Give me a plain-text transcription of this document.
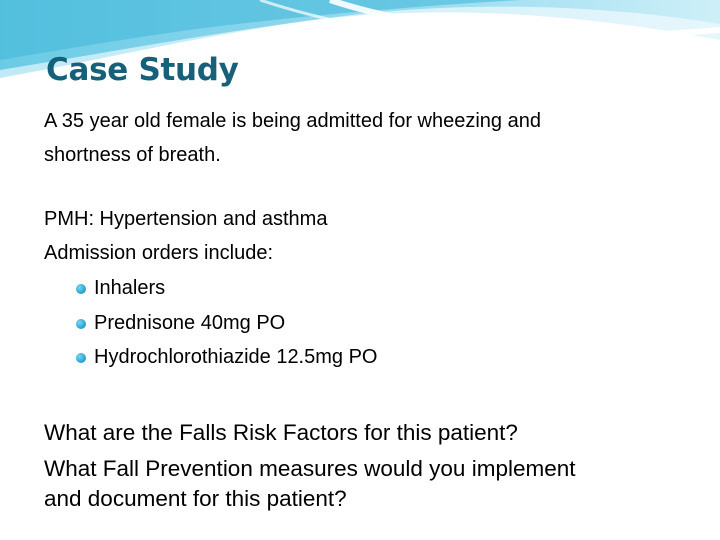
Case Study
A 35 year old female is being admitted for wheezing and
shortness of breath.
PMH: Hypertension and asthma
Admission orders include:
Inhalers
Prednisone 40mg PO
Hydrochlorothiazide 12.5mg PO
What are the Falls Risk Factors for this patient?
What Fall Prevention measures would you implement
and document for this patient?
